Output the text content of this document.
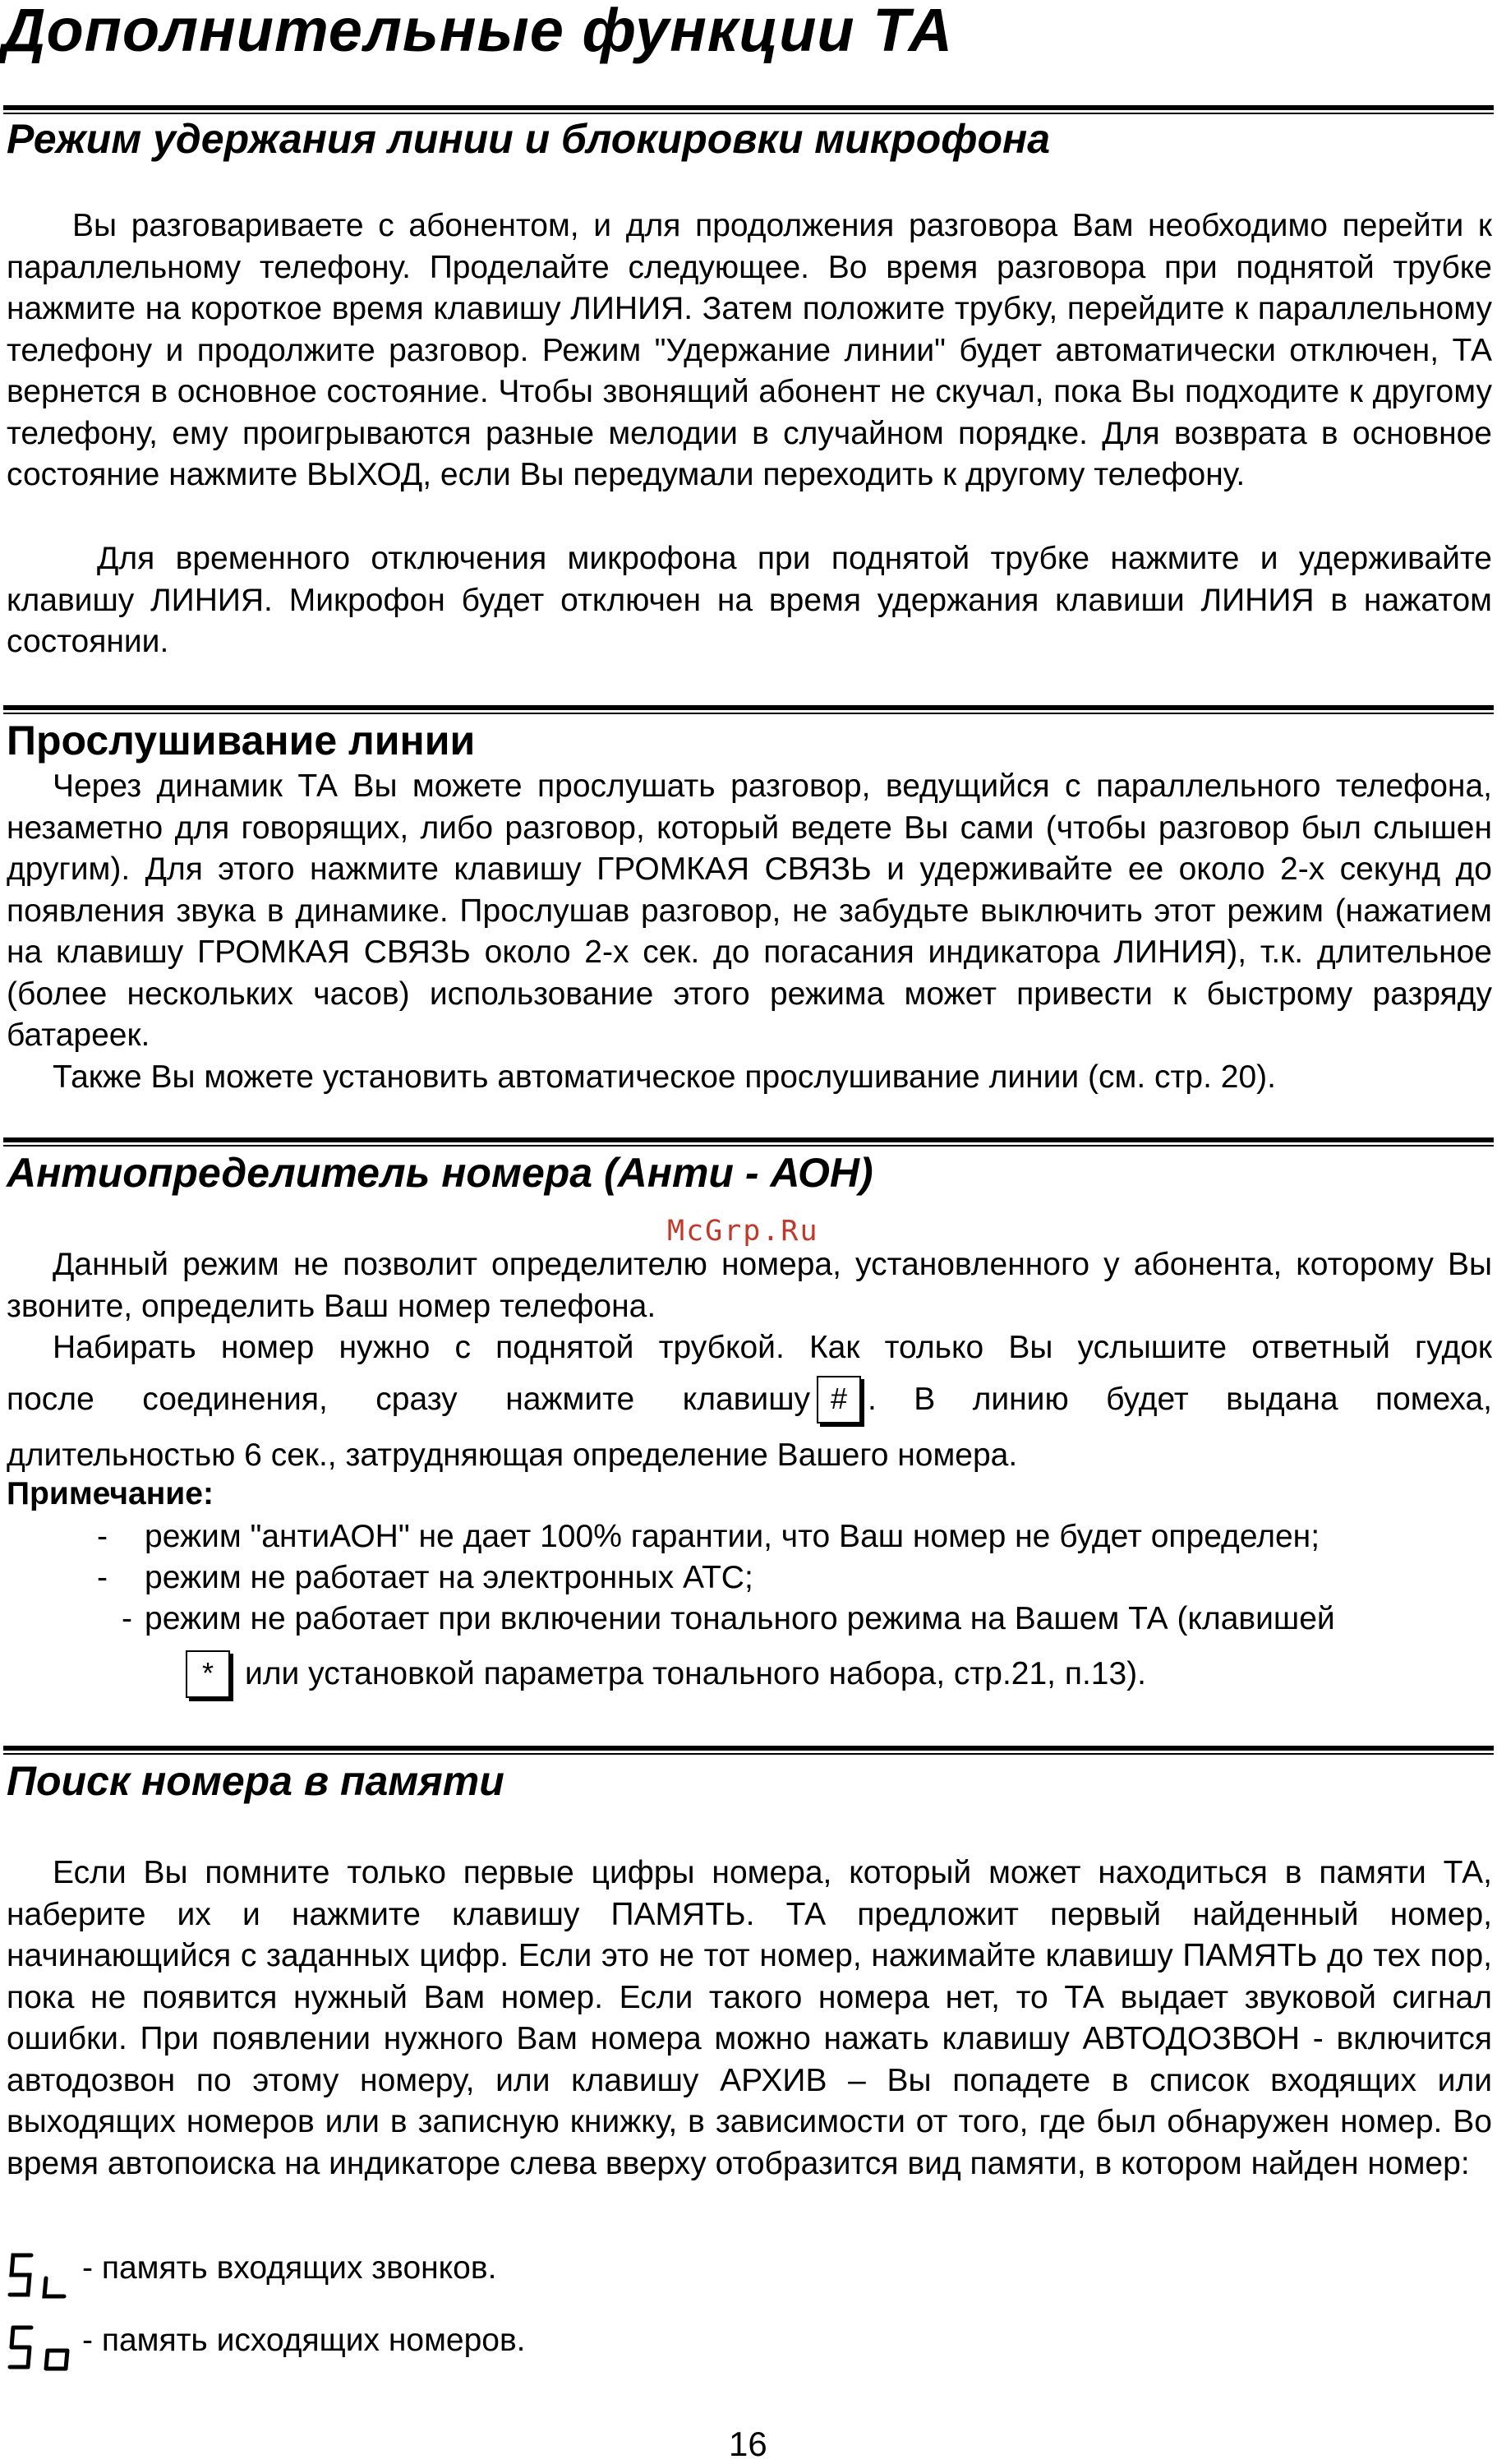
Дополнительные функции ТА
Режим удержания линии и блокировки микрофона

Вы разговариваете с абонентом, и для продолжения разговора Вам необходимо перейти к параллельному телефону. Проделайте следующее. Во время разговора при поднятой трубке нажмите на короткое время клавишу ЛИНИЯ. Затем положите трубку, перейдите к параллельному телефону и продолжите разговор. Режим "Удержание линии" будет автоматически отключен, ТА вернется в основное состояние. Чтобы звонящий абонент не скучал, пока Вы подходите к другому телефону, ему проигрываются разные мелодии в случайном порядке. Для возврата в основное состояние нажмите ВЫХОД, если Вы передумали переходить к другому телефону.

Для временного отключения микрофона при поднятой трубке нажмите и удерживайте клавишу ЛИНИЯ. Микрофон будет отключен на время удержания клавиши ЛИНИЯ в нажатом состоянии.

Прослушивание линии

Через динамик ТА Вы можете прослушать разговор, ведущийся с параллельного телефона, незаметно для говорящих, либо разговор, который ведете Вы сами (чтобы разговор был слышен другим). Для этого нажмите клавишу ГРОМКАЯ СВЯЗЬ и удерживайте ее около 2-х секунд до появления звука в динамике. Прослушав разговор, не забудьте выключить этот режим (нажатием на клавишу ГРОМКАЯ СВЯЗЬ около 2-х сек. до погасания индикатора ЛИНИЯ), т.к. длительное (более нескольких часов) использование этого режима может привести к быстрому разряду батареек.

Также Вы можете установить автоматическое прослушивание линии (см. стр. 20).

Антиопределитель номера (Анти - АОН)
McGrp.Ru

Данный режим не позволит определителю номера, установленного у абонента, которому Вы звоните, определить Ваш номер телефона.

Набирать номер нужно с поднятой трубкой. Как только Вы услышите ответный гудок

после соединения, сразу нажмите клавишу # . В линию будет выдана помеха,

длительностью 6 сек., затрудняющая определение Вашего номера.

Примечание:
- режим "антиАОН" не дает 100% гарантии, что Ваш номер не будет определен;
- режим не работает на электронных АТС;
- режим не работает при включении тонального режима на Вашем ТА (клавишей
* или установкой параметра тонального набора, стр.21, п.13).
Поиск номера в памяти

Если Вы помните только первые цифры номера, который может находиться в памяти ТА, наберите их и нажмите клавишу ПАМЯТЬ. ТА предложит первый найденный номер, начинающийся с заданных цифр. Если это не тот номер, нажимайте клавишу ПАМЯТЬ до тех пор, пока не появится нужный Вам номер. Если такого номера нет, то ТА выдает звуковой сигнал ошибки. При появлении нужного Вам номера можно нажать клавишу АВТОДОЗВОН - включится автодозвон по этому номеру, или клавишу АРХИВ – Вы попадете в список входящих или выходящих номеров или в записную книжку, в зависимости от того, где был обнаружен номер. Во время автопоиска на индикаторе слева вверху отобразится вид памяти, в котором найден номер:

- память входящих звонков.
- память исходящих номеров.
16
